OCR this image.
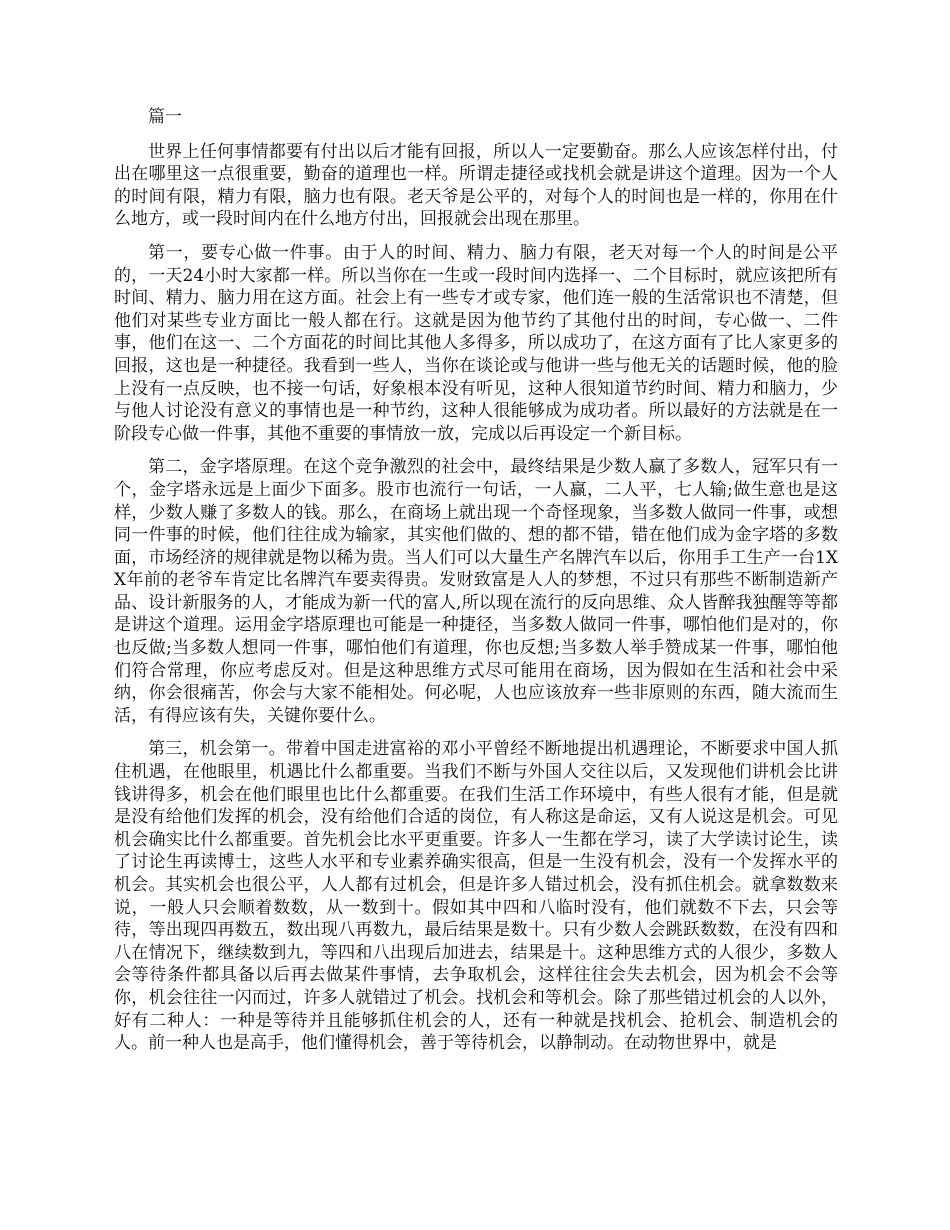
篇一

世界上任何事情都要有付出以后才能有回报，所以人一定要勤奋。那么人应该怎样付出，付出在哪里这一点很重要，勤奋的道理也一样。所谓走捷径或找机会就是讲这个道理。因为一个人的时间有限，精力有限，脑力也有限。老天爷是公平的，对每个人的时间也是一样的，你用在什么地方，或一段时间内在什么地方付出，回报就会出现在那里。

第一，要专心做一件事。由于人的时间、精力、脑力有限，老天对每一个人的时间是公平的，一天24小时大家都一样。所以当你在一生或一段时间内选择一、二个目标时，就应该把所有时间、精力、脑力用在这方面。社会上有一些专才或专家，他们连一般的生活常识也不清楚，但他们对某些专业方面比一般人都在行。这就是因为他节约了其他付出的时间，专心做一、二件事，他们在这一、二个方面花的时间比其他人多得多，所以成功了，在这方面有了比人家更多的回报，这也是一种捷径。我看到一些人，当你在谈论或与他讲一些与他无关的话题时候，他的脸上没有一点反映，也不接一句话，好象根本没有听见，这种人很知道节约时间、精力和脑力，少与他人讨论没有意义的事情也是一种节约，这种人很能够成为成功者。所以最好的方法就是在一阶段专心做一件事，其他不重要的事情放一放，完成以后再设定一个新目标。

第二，金字塔原理。在这个竞争激烈的社会中，最终结果是少数人赢了多数人，冠军只有一个，金字塔永远是上面少下面多。股市也流行一句话，一人赢，二人平，七人输;做生意也是这样，少数人赚了多数人的钱。那么，在商场上就出现一个奇怪现象，当多数人做同一件事，或想同一件事的时候，他们往往成为输家，其实他们做的、想的都不错，错在他们成为金字塔的多数面，市场经济的规律就是物以稀为贵。当人们可以大量生产名牌汽车以后，你用手工生产一台1XX年前的老爷车肯定比名牌汽车要卖得贵。发财致富是人人的梦想，不过只有那些不断制造新产品、设计新服务的人，才能成为新一代的富人,所以现在流行的反向思维、众人皆醉我独醒等等都是讲这个道理。运用金字塔原理也可能是一种捷径，当多数人做同一件事，哪怕他们是对的，你也反做;当多数人想同一件事，哪怕他们有道理，你也反想;当多数人举手赞成某一件事，哪怕他们符合常理，你应考虑反对。但是这种思维方式尽可能用在商场，因为假如在生活和社会中采纳，你会很痛苦，你会与大家不能相处。何必呢，人也应该放弃一些非原则的东西，随大流而生活，有得应该有失，关键你要什么。

第三，机会第一。带着中国走进富裕的邓小平曾经不断地提出机遇理论，不断要求中国人抓住机遇，在他眼里，机遇比什么都重要。当我们不断与外国人交往以后，又发现他们讲机会比讲钱讲得多，机会在他们眼里也比什么都重要。在我们生活工作环境中，有些人很有才能，但是就是没有给他们发挥的机会，没有给他们合适的岗位，有人称这是命运，又有人说这是机会。可见机会确实比什么都重要。首先机会比水平更重要。许多人一生都在学习，读了大学读讨论生，读了讨论生再读博士，这些人水平和专业素养确实很高，但是一生没有机会，没有一个发挥水平的机会。其实机会也很公平，人人都有过机会，但是许多人错过机会，没有抓住机会。就拿数数来说，一般人只会顺着数数，从一数到十。假如其中四和八临时没有，他们就数不下去，只会等待，等出现四再数五，数出现八再数九，最后结果是数十。只有少数人会跳跃数数，在没有四和八在情况下，继续数到九，等四和八出现后加进去，结果是十。这种思维方式的人很少，多数人会等待条件都具备以后再去做某件事情，去争取机会，这样往往会失去机会，因为机会不会等你，机会往往一闪而过，许多人就错过了机会。找机会和等机会。除了那些错过机会的人以外，好有二种人：一种是等待并且能够抓住机会的人，还有一种就是找机会、抢机会、制造机会的人。前一种人也是高手，他们懂得机会，善于等待机会，以静制动。在动物世界中，就是
